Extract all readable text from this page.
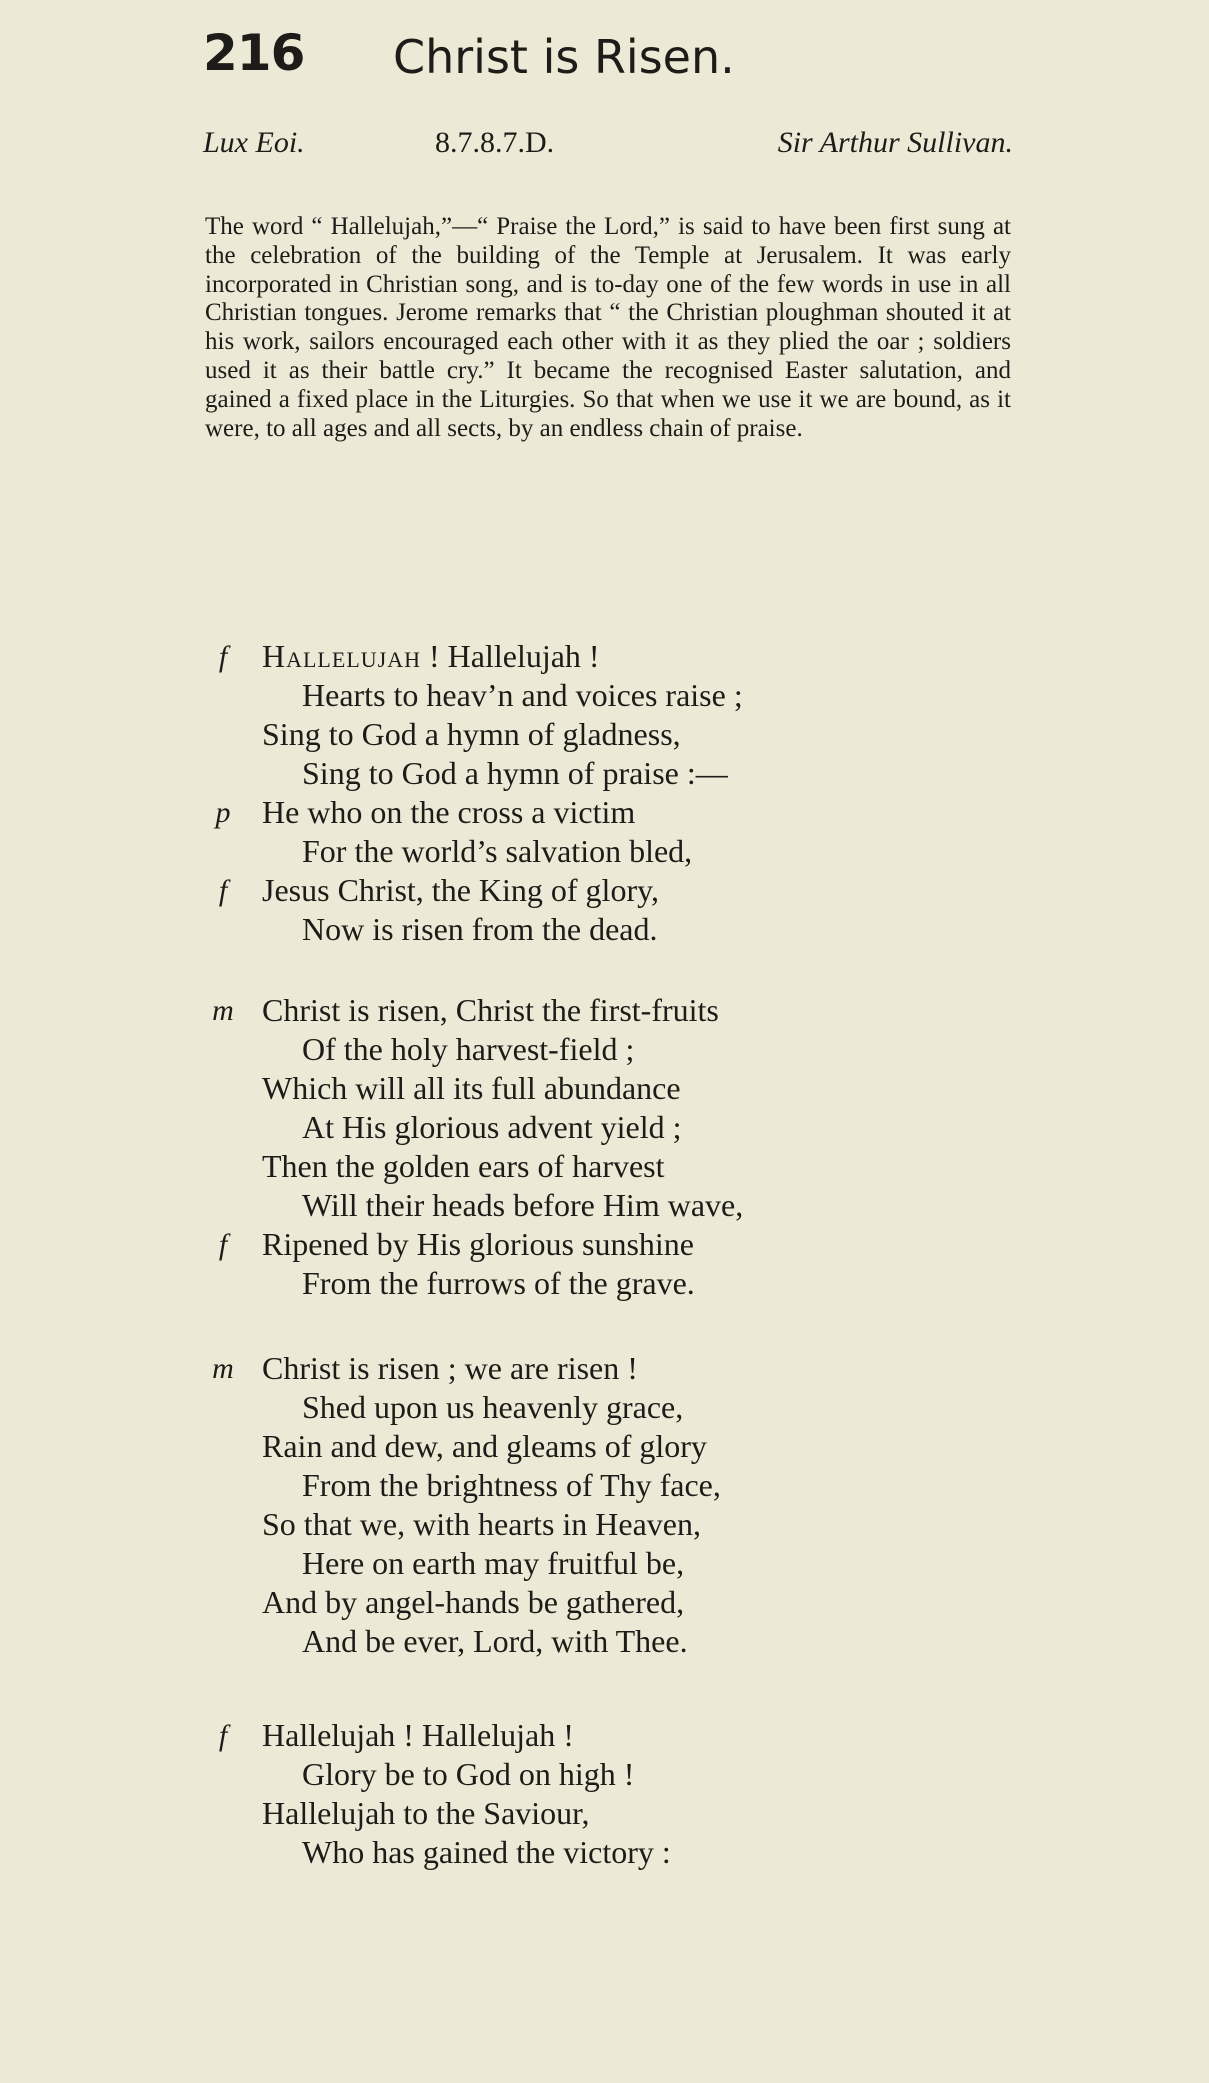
216 Christ is Risen.
Lux Eoi.	8.7.8.7.D.	Sir Arthur Sullivan.
The word “ Hallelujah,”—“ Praise the Lord,” is said to have been first sung at the celebration of the building of the Temple at Jerusalem. It was early incorporated in Christian song, and is to-day one of the few words in use in all Christian tongues. Jerome remarks that “ the Christian ploughman shouted it at his work, sailors encouraged each other with it as they plied the oar ; soldiers used it as their battle cry.” It became the recognised Easter salutation, and gained a fixed place in the Liturgies. So that when we use it we are bound, as it were, to all ages and all sects, by an endless chain of praise.
f	Hallelujah ! Hallelujah !
Hearts to heav’n and voices raise ;
Sing to God a hymn of gladness,
Sing to God a hymn of praise :—
p He who on the cross a victim
For the world’s salvation bled,
f	Jesus Christ, the King of glory,
Now is risen from the dead.
m Christ is risen, Christ the first-fruits
Of the holy harvest-field ;
Which will all its full abundance
At His glorious advent yield ;
Then the golden ears of harvest
Will their heads before Him wave,
f	Ripened by His glorious sunshine
From the furrows of the grave.
m Christ is risen ; we are risen !
Shed upon us heavenly grace,
Rain and dew, and gleams of glory
From the brightness of Thy face,
So that we, with hearts in Heaven,
Here on earth may fruitful be,
And by angel-hands be gathered,
And be ever, Lord, with Thee.
f	Hallelujah ! Hallelujah !
Glory be to God on high !
Hallelujah to the Saviour,
Who has gained the victory :
